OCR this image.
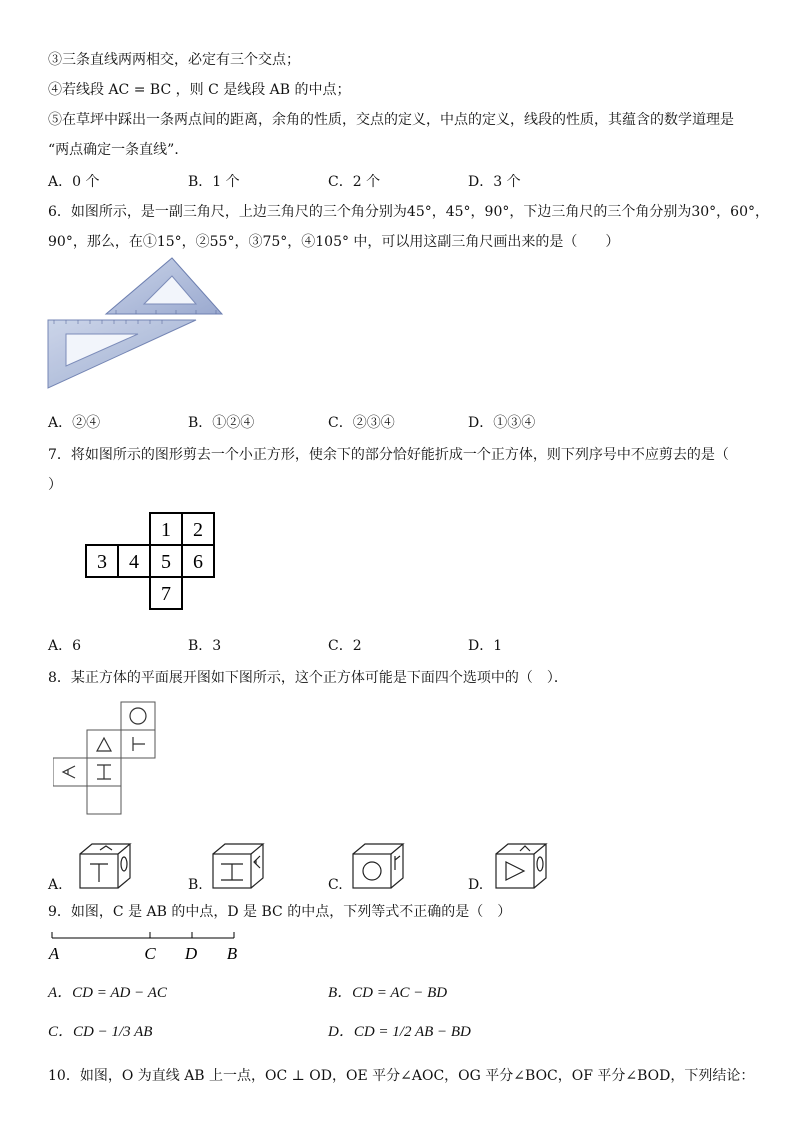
③三条直线两两相交，必定有三个交点；
④若线段 AC = BC ，则 C 是线段 AB 的中点；
⑤在草坪中踩出一条两点间的距离，余角的性质，交点的定义，中点的定义，线段的性质，其蕴含的数学道理是
“两点确定一条直线”．
A．0 个	B．1 个	C．2 个	D．3 个
6．如图所示，是一副三角尺，上边三角尺的三个角分别为45°，45°，90°，下边三角尺的三个角分别为30°，60°，
90°，那么，在①15°，②55°，③75°，④105° 中，可以用这副三角尺画出来的是（　　）
A．②④	B．①②④	C．②③④	D．①③④
7．将如图所示的图形剪去一个小正方形，使余下的部分恰好能折成一个正方体，则下列序号中不应剪去的是（
）
1 2
3 4 5 6
7
A．6	B．3	C．2	D．1
8．某正方体的平面展开图如下图所示，这个正方体可能是下面四个选项中的（　）．
A.	B.	C.	D.
9．如图，C 是 AB 的中点，D 是 BC 的中点，下列等式不正确的是（　）
A	C D B
A．CD = AD − AC	B．CD = AC − BD
C．CD − 1/3 AB	D．CD = 1/2 AB − BD
10．如图，O 为直线 AB 上一点，OC ⊥ OD，OE 平分∠AOC，OG 平分∠BOC，OF 平分∠BOD，下列结论：
